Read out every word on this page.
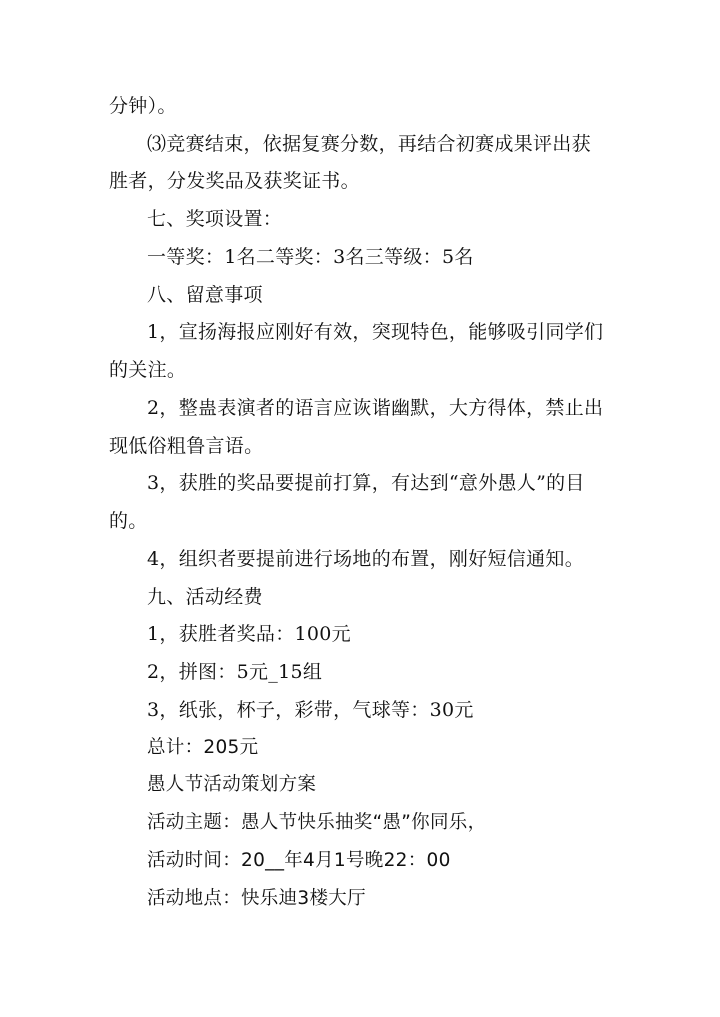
分钟）。
⑶竞赛结束，依据复赛分数，再结合初赛成果评出获
胜者，分发奖品及获奖证书。
七、奖项设置：
一等奖：1名二等奖：3名三等级：5名
八、留意事项
1，宣扬海报应刚好有效，突现特色，能够吸引同学们
的关注。
2，整蛊表演者的语言应诙谐幽默，大方得体，禁止出
现低俗粗鲁言语。
3，获胜的奖品要提前打算，有达到“意外愚人”的目
的。
4，组织者要提前进行场地的布置，刚好短信通知。
九、活动经费
1，获胜者奖品：100元
2，拼图：5元_15组
3，纸张，杯子，彩带，气球等：30元
总计：205元
愚人节活动策划方案
活动主题：愚人节快乐抽奖“愚”你同乐，
活动时间：20__年4月1号晚22：00
活动地点：快乐迪3楼大厅
